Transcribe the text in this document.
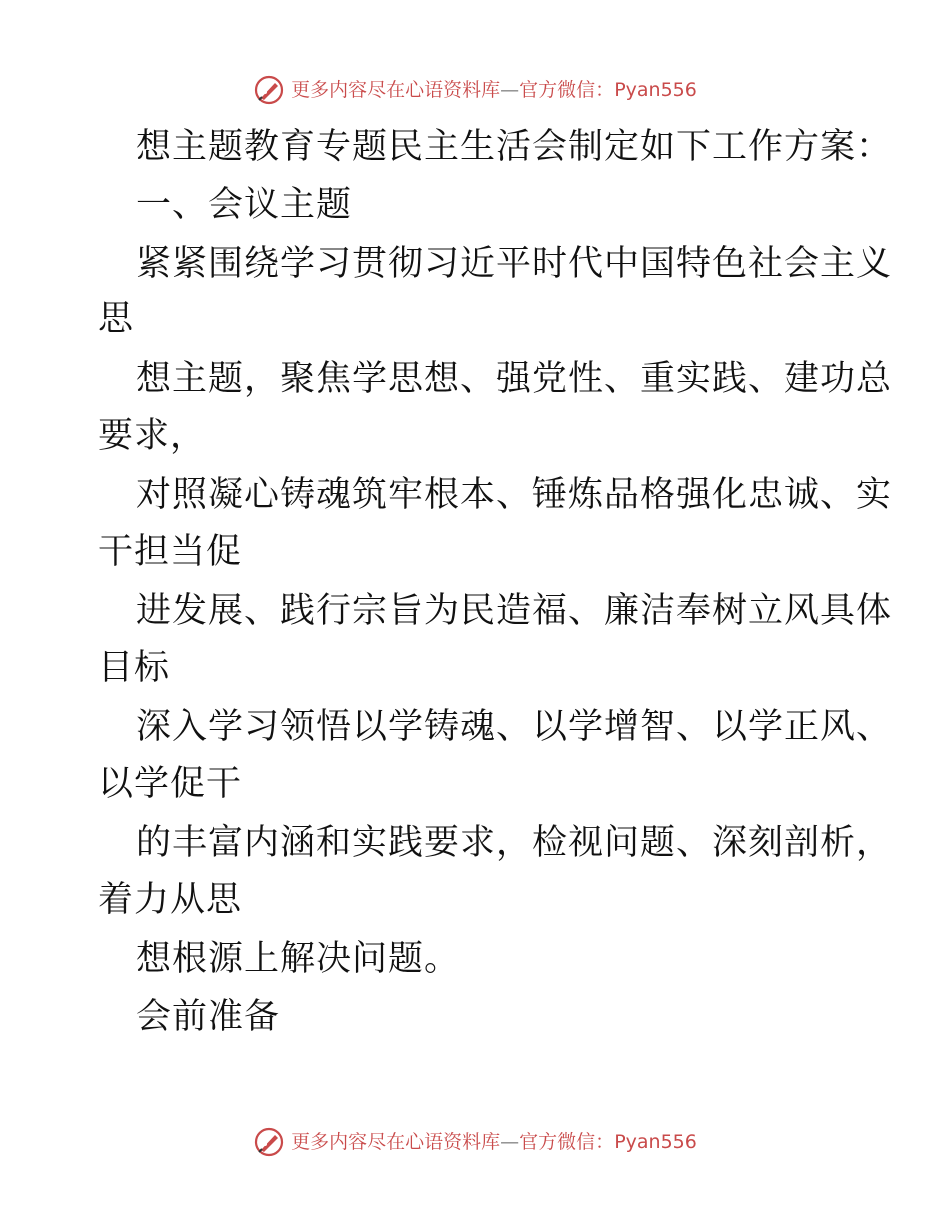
更多内容尽在心语资料库—官方微信：Pyan556
想主题教育专题民主生活会制定如下工作方案：
一、会议主题
紧紧围绕学习贯彻习近平时代中国特色社会主义
思
想主题，聚焦学思想、强党性、重实践、建功总
要求，
对照凝心铸魂筑牢根本、锤炼品格强化忠诚、实
干担当促
进发展、践行宗旨为民造福、廉洁奉树立风具体
目标
深入学习领悟以学铸魂、以学增智、以学正风、
以学促干
的丰富内涵和实践要求，检视问题、深刻剖析，
着力从思
想根源上解决问题。
会前准备
更多内容尽在心语资料库—官方微信：Pyan556
